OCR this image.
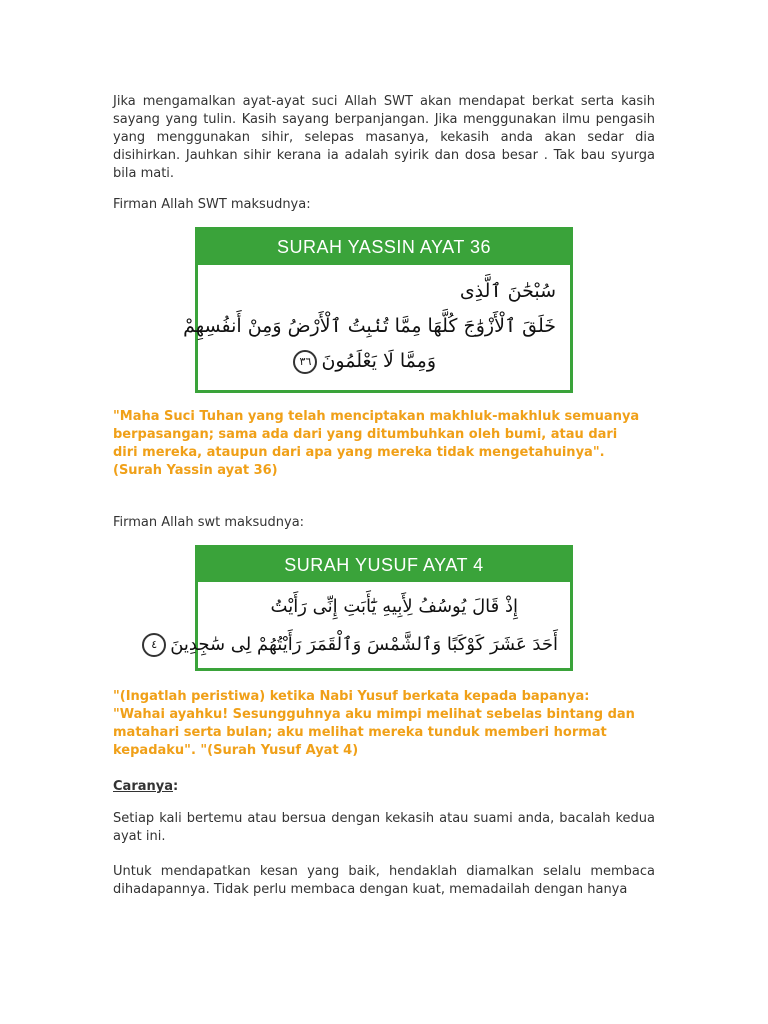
Jika mengamalkan ayat-ayat suci Allah SWT akan mendapat berkat serta kasih sayang yang tulin. Kasih sayang berpanjangan. Jika menggunakan ilmu pengasih yang menggunakan sihir, selepas masanya, kekasih anda akan sedar dia disihirkan. Jauhkan sihir kerana ia adalah syirik dan dosa besar . Tak bau syurga bila mati.

Firman Allah SWT maksudnya:

SURAH YASSIN AYAT 36
سُبْحَٰنَ ٱلَّذِى
خَلَقَ ٱلْأَزْوَٰجَ كُلَّهَا مِمَّا تُنۢبِتُ ٱلْأَرْضُ وَمِنْ أَنفُسِهِمْ
وَمِمَّا لَا يَعْلَمُونَ٣٦

"Maha Suci Tuhan yang telah menciptakan makhluk-makhluk semuanya berpasangan; sama ada dari yang ditumbuhkan oleh bumi, atau dari diri mereka, ataupun dari apa yang mereka tidak mengetahuinya". (Surah Yassin ayat 36)

Firman Allah swt maksudnya:

SURAH YUSUF AYAT 4
إِذْ قَالَ يُوسُفُ لِأَبِيهِ يَٰٓأَبَتِ إِنِّى رَأَيْتُ
أَحَدَ عَشَرَ كَوْكَبًا وَٱلشَّمْسَ وَٱلْقَمَرَ رَأَيْتُهُمْ لِى سَٰجِدِينَ٤

"(Ingatlah peristiwa) ketika Nabi Yusuf berkata kepada bapanya: "Wahai ayahku! Sesungguhnya aku mimpi melihat sebelas bintang dan matahari serta bulan; aku melihat mereka tunduk memberi hormat kepadaku". "(Surah Yusuf Ayat 4)

Caranya:

Setiap kali bertemu atau bersua dengan kekasih atau suami anda, bacalah kedua ayat ini.

Untuk mendapatkan kesan yang baik, hendaklah diamalkan selalu membaca dihadapannya. Tidak perlu membaca dengan kuat, memadailah dengan hanya
